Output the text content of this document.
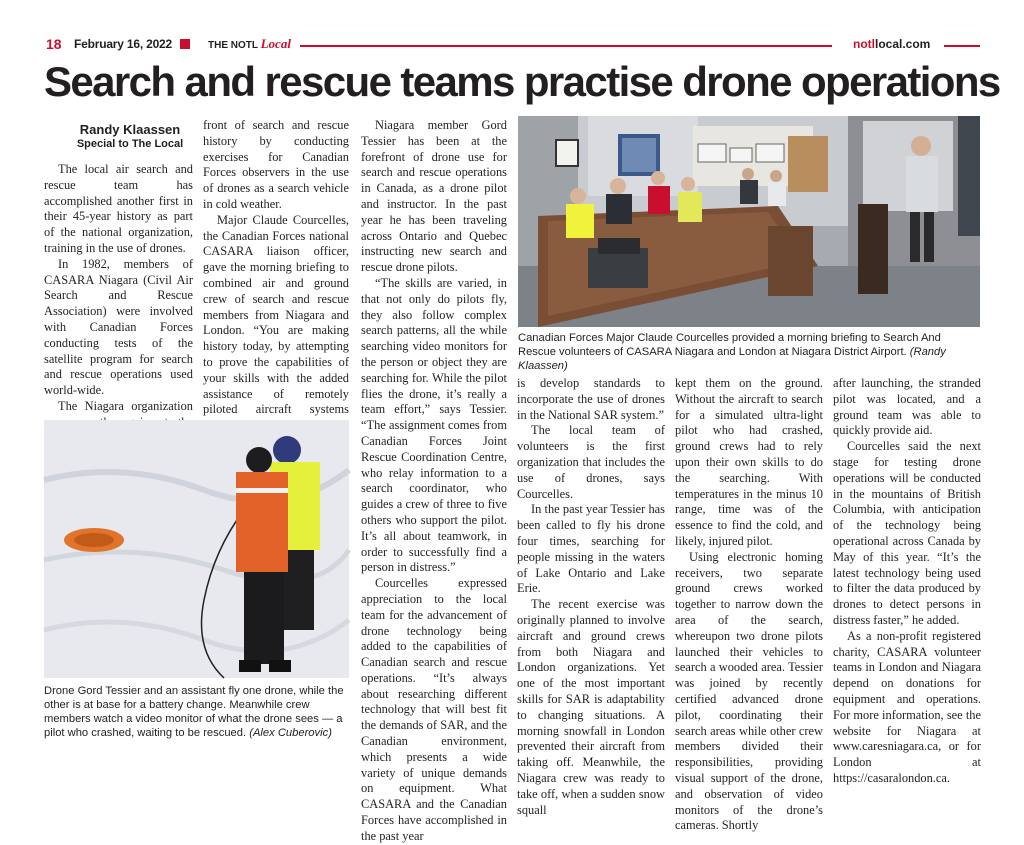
18 February 16, 2022	THE NOTL Local	notllocal.com
Search and rescue teams practise drone operations
Randy Klaassen
Special to The Local

The local air search and rescue team has accomplished another first in their 45-year history as part of the national organization, training in the use of drones.

In 1982, members of CASARA Niagara (Civil Air Search and Rescue Association) were involved with Canadian Forces conducting tests of the satellite program for search and rescue operations used world-wide.

The Niagara organization

front of search and rescue history by conducting exercises for Canadian Forces observers in the use of drones as a search vehicle in cold weather.

Major Claude Courcelles, the Canadian Forces national CASARA liaison officer, gave the morning briefing to combined air and ground crew of search and rescue members from Niagara and London. “You are making history today, by attempting to prove the capabilities of your skills with the added assistance of remotely piloted aircraft systems

Niagara member Gord Tessier has been at the forefront of drone use for search and rescue operations in Canada, as a drone pilot and instructor. In the past year he has been traveling across Ontario and Quebec instructing new search and rescue drone pilots.

“The skills are varied, in that not only do pilots fly, they also follow complex search patterns, all the while searching video monitors for the person or object they are searching for. While the pilot flies the drone, it’s really a team effort,” says Tessier. “The assignment comes from Canadian Forces Joint Rescue Coordination Centre, who relay information to a search coordinator, who guides a crew of three to five others who support the pilot. It’s all about teamwork, in order to successfully find a person in distress.”

Courcelles expressed appreciation to the local team for the advancement of drone technology being added to the capabilities of Canadian search and rescue operations. “It’s always about researching different technology that will best fit the demands of SAR, and the Canadian environment, which presents a wide variety of unique demands on equipment. What CASARA and the Canadian Forces have accomplished in the past year

is develop standards to incorporate the use of drones in the National SAR system.”

The local team of volunteers is the first organization that includes the use of drones, says Courcelles.

In the past year Tessier has been called to fly his drone four times, searching for people missing in the waters of Lake Ontario and Lake Erie.

The recent exercise was originally planned to involve aircraft and ground crews from both Niagara and London organizations. Yet one of the most important skills for SAR is adaptability to changing situations. A morning snowfall in London prevented their aircraft from taking off. Meanwhile, the Niagara crew was ready to take off, when a sudden snow squall

kept them on the ground. Without the aircraft to search for a simulated ultra-light pilot who had crashed, ground crews had to rely upon their own skills to do the searching. With temperatures in the minus 10 range, time was of the essence to find the cold, and likely, injured pilot.

Using electronic homing receivers, two separate ground crews worked together to narrow down the area of the search, whereupon two drone pilots launched their vehicles to search a wooded area. Tessier was joined by recently certified advanced drone pilot, coordinating their search areas while other crew members divided their responsibilities, providing visual support of the drone, and observation of video monitors of the drone’s cameras. Shortly

after launching, the stranded pilot was located, and a ground team was able to quickly provide aid.

Courcelles said the next stage for testing drone operations will be conducted in the mountains of British Columbia, with anticipation of the technology being operational across Canada by May of this year. “It’s the latest technology being used to filter the data produced by drones to detect persons in distress faster,” he added.

As a non-profit registered charity, CASARA volunteer teams in London and Niagara depend on donations for equipment and operations. For more information, see the website for Niagara at www.caresniagara.ca, or for London at https://casaralondon.ca.

Canadian Forces Major Claude Courcelles provided a morning briefing to Search And Rescue volunteers of CASARA Niagara and London at Niagara District Airport. (Randy Klaassen)
Drone Gord Tessier and an assistant fly one drone, while the other is at base for a battery change. Meanwhile crew members watch a video monitor of what the drone sees — a pilot who crashed, waiting to be rescued. (Alex Cuberovic)
